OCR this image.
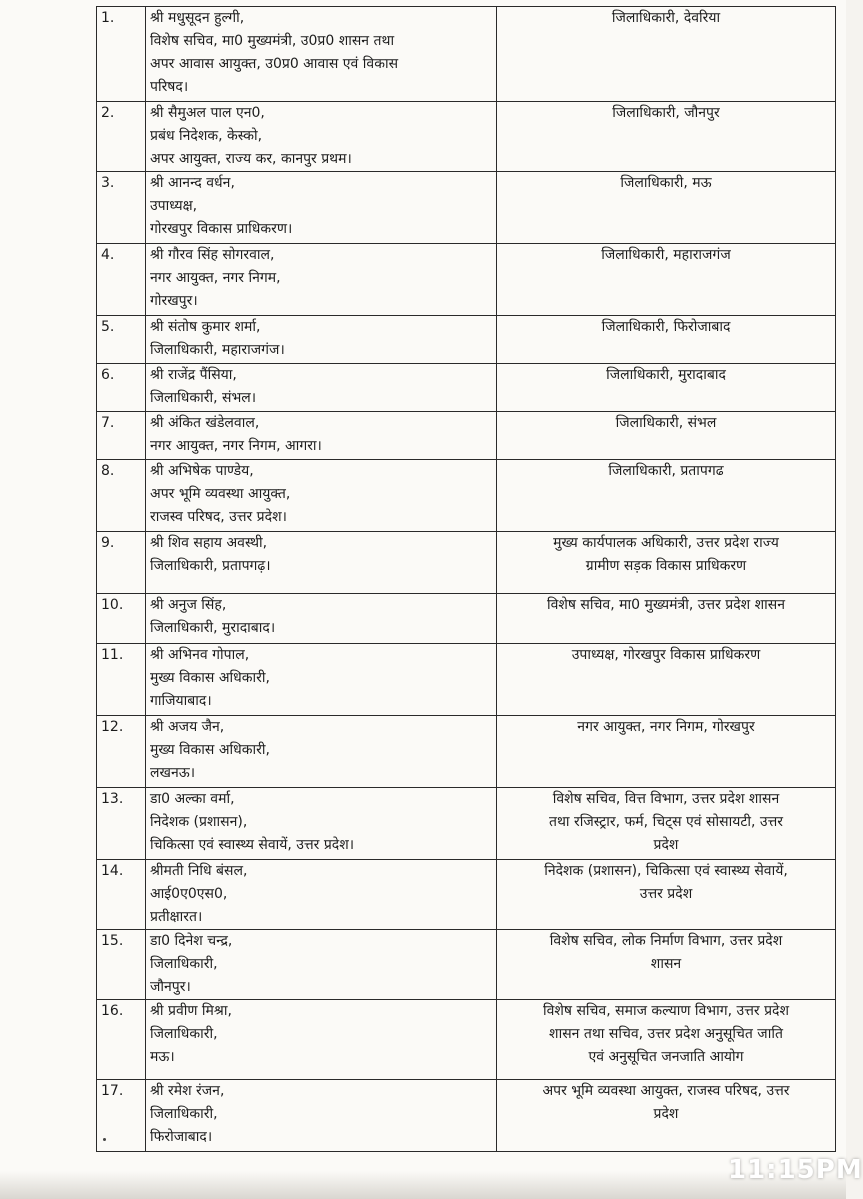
1.	श्री मधुसूदन हुल्गी,
विशेष सचिव, मा0 मुख्यमंत्री, उ0प्र0 शासन तथा
अपर आवास आयुक्त, उ0प्र0 आवास एवं विकास
परिषद।	जिलाधिकारी, देवरिया

2.	श्री सैमुअल पाल एन0,
प्रबंध निदेशक, केस्को,
अपर आयुक्त, राज्य कर, कानपुर प्रथम।	जिलाधिकारी, जौनपुर

3.	श्री आनन्द वर्धन,
उपाध्यक्ष,
गोरखपुर विकास प्राधिकरण।	जिलाधिकारी, मऊ

4.	श्री गौरव सिंह सोगरवाल,
नगर आयुक्त, नगर निगम,
गोरखपुर।	जिलाधिकारी, महाराजगंज

5.	श्री संतोष कुमार शर्मा,
जिलाधिकारी, महाराजगंज।	जिलाधिकारी, फिरोजाबाद

6.	श्री राजेंद्र पैंसिया,
जिलाधिकारी, संभल।	जिलाधिकारी, मुरादाबाद

7.	श्री अंकित खंडेलवाल,
नगर आयुक्त, नगर निगम, आगरा।	जिलाधिकारी, संभल

8.	श्री अभिषेक पाण्डेय,
अपर भूमि व्यवस्था आयुक्त,
राजस्व परिषद, उत्तर प्रदेश।	जिलाधिकारी, प्रतापगढ

9.	श्री शिव सहाय अवस्थी,
जिलाधिकारी, प्रतापगढ़।	मुख्य कार्यपालक अधिकारी, उत्तर प्रदेश राज्य
ग्रामीण सड़क विकास प्राधिकरण

10.	श्री अनुज सिंह,
जिलाधिकारी, मुरादाबाद।	विशेष सचिव, मा0 मुख्यमंत्री, उत्तर प्रदेश शासन

11.	श्री अभिनव गोपाल,
मुख्य विकास अधिकारी,
गाजियाबाद।	उपाध्यक्ष, गोरखपुर विकास प्राधिकरण

12.	श्री अजय जैन,
मुख्य विकास अधिकारी,
लखनऊ।	नगर आयुक्त, नगर निगम, गोरखपुर

13.	डा0 अल्का वर्मा,
निदेशक (प्रशासन),
चिकित्सा एवं स्वास्थ्य सेवायें, उत्तर प्रदेश।	विशेष सचिव, वित्त विभाग, उत्तर प्रदेश शासन
तथा रजिस्ट्रार, फर्म, चिट्स एवं सोसायटी, उत्तर
प्रदेश

14.	श्रीमती निधि बंसल,
आई0ए0एस0,
प्रतीक्षारत।	निदेशक (प्रशासन), चिकित्सा एवं स्वास्थ्य सेवायें,
उत्तर प्रदेश

15.	डा0 दिनेश चन्द्र,
जिलाधिकारी,
जौनपुर।	विशेष सचिव, लोक निर्माण विभाग, उत्तर प्रदेश
शासन

16.	श्री प्रवीण मिश्रा,
जिलाधिकारी,
मऊ।	विशेष सचिव, समाज कल्याण विभाग, उत्तर प्रदेश
शासन तथा सचिव, उत्तर प्रदेश अनुसूचित जाति
एवं अनुसूचित जनजाति आयोग

17.	श्री रमेश रंजन,
जिलाधिकारी,
फिरोजाबाद।	अपर भूमि व्यवस्था आयुक्त, राजस्व परिषद, उत्तर
प्रदेश
11:15PM
